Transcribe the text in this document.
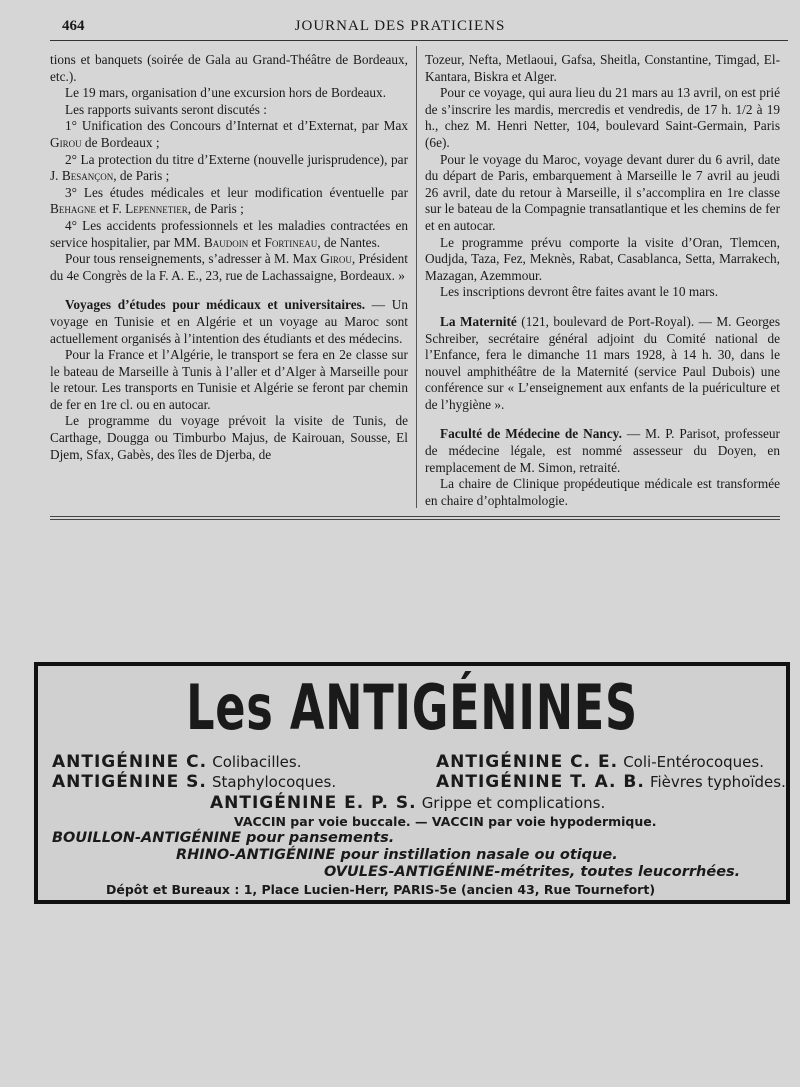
464	JOURNAL DES PRATICIENS

tions et banquets (soirée de Gala au Grand-Théâtre de Bordeaux, etc.).

Le 19 mars, organisation d’une excursion hors de Bordeaux.

Les rapports suivants seront discutés :

1° Unification des Concours d’Internat et d’Externat, par Max Girou de Bordeaux ;

2° La protection du titre d’Externe (nouvelle jurisprudence), par J. Besançon, de Paris ;

3° Les études médicales et leur modification éventuelle par Behagne et F. Lepennetier, de Paris ;

4° Les accidents professionnels et les maladies contractées en service hospitalier, par MM. Baudoin et Fortineau, de Nantes.

Pour tous renseignements, s’adresser à M. Max Girou, Président du 4e Congrès de la F. A. E., 23, rue de Lachassaigne, Bordeaux. »

Voyages d’études pour médicaux et universitaires. — Un voyage en Tunisie et en Algérie et un voyage au Maroc sont actuellement organisés à l’intention des étudiants et des médecins.

Pour la France et l’Algérie, le transport se fera en 2e classe sur le bateau de Marseille à Tunis à l’aller et d’Alger à Marseille pour le retour. Les transports en Tunisie et Algérie se feront par chemin de fer en 1re cl. ou en autocar.

Le programme du voyage prévoit la visite de Tunis, de Carthage, Dougga ou Timburbo Majus, de Kairouan, Sousse, El Djem, Sfax, Gabès, des îles de Djerba, de

Tozeur, Nefta, Metlaoui, Gafsa, Sheitla, Constantine, Timgad, El-Kantara, Biskra et Alger.

Pour ce voyage, qui aura lieu du 21 mars au 13 avril, on est prié de s’inscrire les mardis, mercredis et vendredis, de 17 h. 1/2 à 19 h., chez M. Henri Netter, 104, boulevard Saint-Germain, Paris (6e).

Pour le voyage du Maroc, voyage devant durer du 6 avril, date du départ de Paris, embarquement à Marseille le 7 avril au jeudi 26 avril, date du retour à Marseille, il s’accomplira en 1re classe sur le bateau de la Compagnie transatlantique et les chemins de fer et en autocar.

Le programme prévu comporte la visite d’Oran, Tlemcen, Oudjda, Taza, Fez, Meknès, Rabat, Casablanca, Setta, Marrakech, Mazagan, Azemmour.

Les inscriptions devront être faites avant le 10 mars.

La Maternité (121, boulevard de Port-Royal). — M. Georges Schreiber, secrétaire général adjoint du Comité national de l’Enfance, fera le dimanche 11 mars 1928, à 14 h. 30, dans le nouvel amphithéâtre de la Maternité (service Paul Dubois) une conférence sur « L’enseignement aux enfants de la puériculture et de l’hygiène ».

Faculté de Médecine de Nancy. — M. P. Parisot, professeur de médecine légale, est nommé assesseur du Doyen, en remplacement de M. Simon, retraité.

La chaire de Clinique propédeutique médicale est transformée en chaire d’ophtalmologie.

Les ANTIGÉNINES
ANTIGÉNINE C. Colibacilles.	ANTIGÉNINE C. E. Coli-Entérocoques.
ANTIGÉNINE S. Staphylocoques.	ANTIGÉNINE T. A. B. Fièvres typhoïdes.
ANTIGÉNINE E. P. S. Grippe et complications.
VACCIN par voie buccale. — VACCIN par voie hypodermique.
BOUILLON-ANTIGÉNINE pour pansements.
RHINO-ANTIGÉNINE pour instillation nasale ou otique.
OVULES-ANTIGÉNINE-métrites, toutes leucorrhées.
Dépôt et Bureaux : 1, Place Lucien-Herr, PARIS-5e (ancien 43, Rue Tournefort)
